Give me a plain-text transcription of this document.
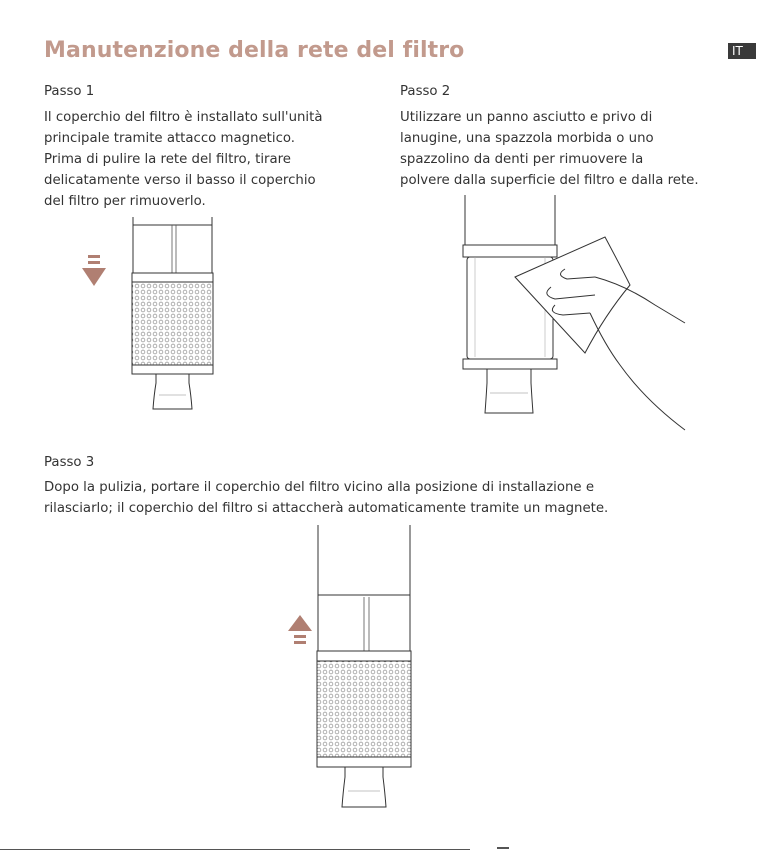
Manutenzione della rete del filtro	IT
Passo 1
Il coperchio del filtro è installato sull'unità
principale tramite attacco magnetico.
Prima di pulire la rete del filtro, tirare
delicatamente verso il basso il coperchio
del filtro per rimuoverlo.
Passo 2
Utilizzare un panno asciutto e privo di
lanugine, una spazzola morbida o uno
spazzolino da denti per rimuovere la
polvere dalla superficie del filtro e dalla rete.
Passo 3
Dopo la pulizia, portare il coperchio del filtro vicino alla posizione di installazione e
rilasciarlo; il coperchio del filtro si attaccherà automaticamente tramite un magnete.
